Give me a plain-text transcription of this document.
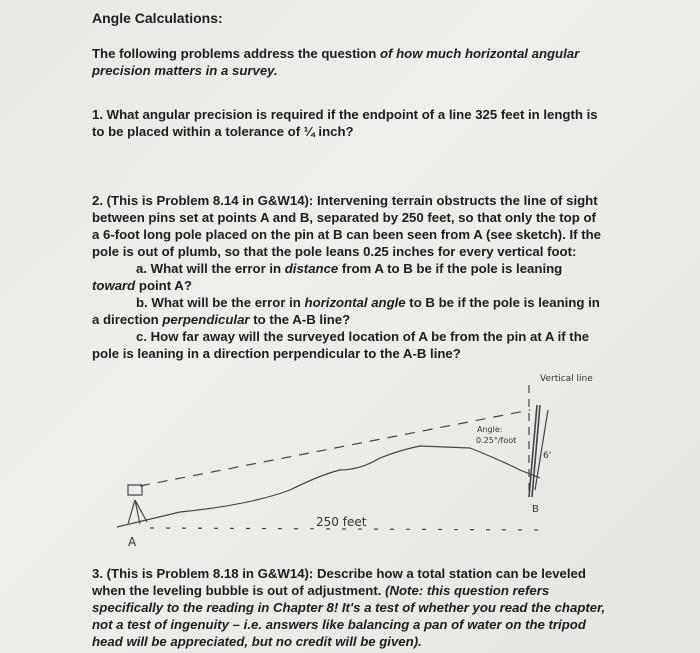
Angle Calculations:
The following problems address the question of how much horizontal angular precision matters in a survey.
1. What angular precision is required if the endpoint of a line 325 feet in length is to be placed within a tolerance of ¼ inch?
2. (This is Problem 8.14 in G&W14): Intervening terrain obstructs the line of sight between pins set at points A and B, separated by 250 feet, so that only the top of a 6-foot long pole placed on the pin at B can been seen from A (see sketch). If the pole is out of plumb, so that the pole leans 0.25 inches for every vertical foot:
a. What will the error in distance from A to B be if the pole is leaning toward point A?
b. What will be the error in horizontal angle to B be if the pole is leaning in a direction perpendicular to the A-B line?
c. How far away will the surveyed location of A be from the pin at A if the pole is leaning in a direction perpendicular to the A-B line?
Vertical line
Angle:
0.25°/foot
6'
B
A
250 feet
3. (This is Problem 8.18 in G&W14): Describe how a total station can be leveled when the leveling bubble is out of adjustment. (Note: this question refers specifically to the reading in Chapter 8! It's a test of whether you read the chapter, not a test of ingenuity – i.e. answers like balancing a pan of water on the tripod head will be appreciated, but no credit will be given).
